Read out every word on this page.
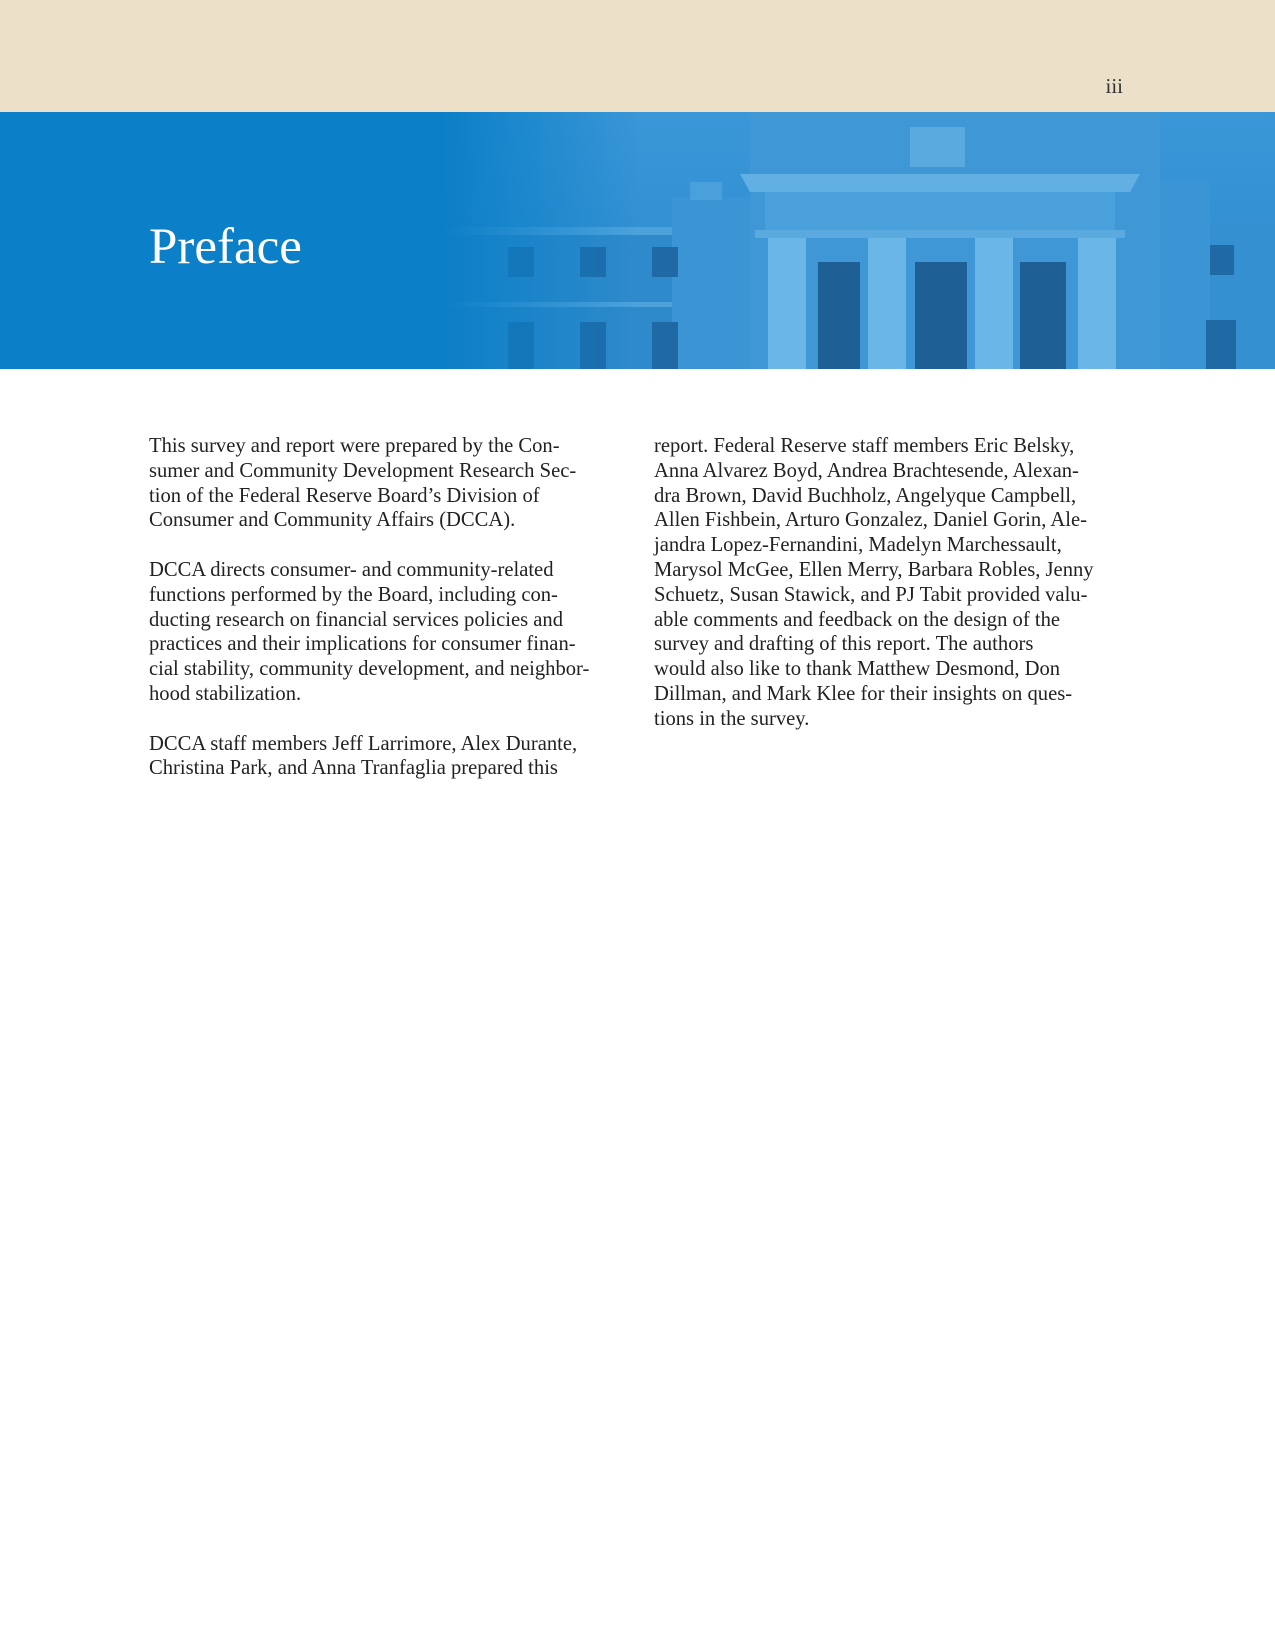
iii
Preface

This survey and report were prepared by the Con-
sumer and Community Development Research Sec-
tion of the Federal Reserve Board’s Division of
Consumer and Community Affairs (DCCA).

DCCA directs consumer- and community-related
functions performed by the Board, including con-
ducting research on financial services policies and
practices and their implications for consumer finan-
cial stability, community development, and neighbor-
hood stabilization.

DCCA staff members Jeff Larrimore, Alex Durante,
Christina Park, and Anna Tranfaglia prepared this

report. Federal Reserve staff members Eric Belsky,
Anna Alvarez Boyd, Andrea Brachtesende, Alexan-
dra Brown, David Buchholz, Angelyque Campbell,
Allen Fishbein, Arturo Gonzalez, Daniel Gorin, Ale-
jandra Lopez-Fernandini, Madelyn Marchessault,
Marysol McGee, Ellen Merry, Barbara Robles, Jenny
Schuetz, Susan Stawick, and PJ Tabit provided valu-
able comments and feedback on the design of the
survey and drafting of this report. The authors
would also like to thank Matthew Desmond, Don
Dillman, and Mark Klee for their insights on ques-
tions in the survey.
